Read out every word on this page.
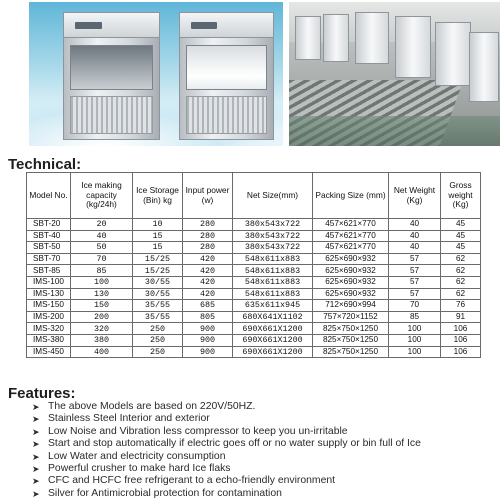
Technical:
Model No.	Ice making capacity (kg/24h)	Ice Storage (Bin) kg	Input power (w)	Net Size(mm)	Packing Size (mm)	Net Weight (Kg)	Gross weight (Kg)
SBT-20	20	10	280	380x543x722	457×621×770	40	45
SBT-40	40	15	280	380x543x722	457×621×770	40	45
SBT-50	50	15	280	380x543x722	457×621×770	40	45
SBT-70	70	15/25	420	548x611x883	625×690×932	57	62
SBT-85	85	15/25	420	548x611x883	625×690×932	57	62
IMS-100	100	30/55	420	548x611x883	625×690×932	57	62
IMS-130	130	30/55	420	548x611x883	625×690×932	57	62
IMS-150	150	35/55	685	635x611x945	712×690×994	70	76
IMS-200	200	35/55	805	680X641X1102	757×720×1152	85	91
IMS-320	320	250	900	690X661X1200	825×750×1250	100	106
IMS-380	380	250	900	690X661X1200	825×750×1250	100	106
IMS-450	400	250	900	690X661X1200	825×750×1250	100	106
Features:
➤ The above Models are based on 220V/50HZ.
➤ Stainless Steel Interior and exterior
➤ Low Noise and Vibration less compressor to keep you un-irritable
➤ Start and stop automatically if electric goes off or no water supply or bin full of Ice
➤ Low Water and electricity consumption
➤ Powerful crusher to make hard Ice flaks
➤ CFC and HCFC free refrigerant to a echo-friendly environment
➤ Silver for Antimicrobial protection for contamination
